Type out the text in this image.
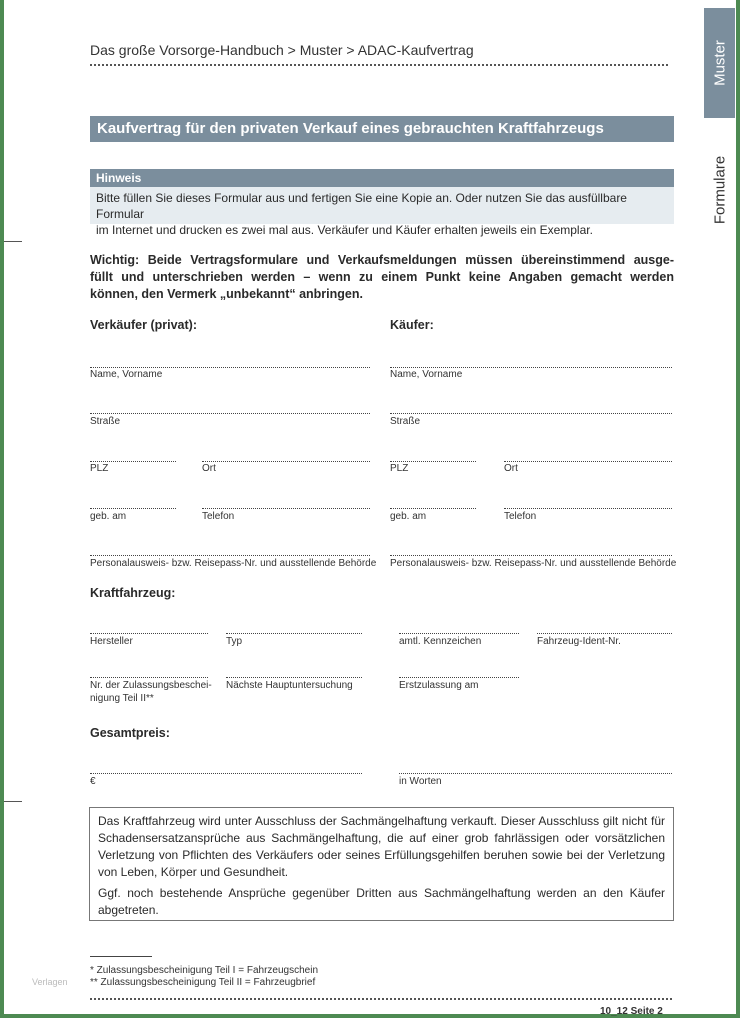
Muster
Formulare
Das große Vorsorge-Handbuch > Muster > ADAC-Kaufvertrag
Kaufvertrag für den privaten Verkauf eines gebrauchten Kraftfahrzeugs
Hinweis
Bitte füllen Sie dieses Formular aus und fertigen Sie eine Kopie an. Oder nutzen Sie das ausfüllbare Formular
im Internet und drucken es zwei mal aus. Verkäufer und Käufer erhalten jeweils ein Exemplar.
Wichtig: Beide Vertragsformulare und Verkaufsmeldungen müssen übereinstimmend ausge-
füllt und unterschrieben werden – wenn zu einem Punkt keine Angaben gemacht werden
können, den Vermerk „unbekannt“ anbringen.
Verkäufer (privat):	Käufer:
Name, Vorname	Name, Vorname
Straße	Straße
PLZ	Ort	PLZ	Ort
geb. am	Telefon	geb. am	Telefon
Personalausweis- bzw. Reisepass-Nr. und ausstellende Behörde Personalausweis- bzw. Reisepass-Nr. und ausstellende Behörde
Kraftfahrzeug:
Hersteller	Typ	amtl. Kennzeichen	Fahrzeug-Ident-Nr.
Nr. der Zulassungsbeschei-
nigung Teil II**
Nächste Hauptuntersuchung	Erstzulassung am
Gesamtpreis:
€	in Worten

Das Kraftfahrzeug wird unter Ausschluss der Sachmängelhaftung verkauft. Dieser Ausschluss gilt nicht für Schadensersatzansprüche aus Sachmängelhaftung, die auf einer grob fahrlässigen oder vorsätzlichen Verletzung von Pflichten des Verkäufers oder seines Erfüllungsgehilfen beruhen sowie bei der Verletzung von Leben, Körper und Gesundheit.

Ggf. noch bestehende Ansprüche gegenüber Dritten aus Sachmängelhaftung werden an den Käufer abgetreten.

* Zulassungsbescheinigung Teil I = Fahrzeugschein
** Zulassungsbescheinigung Teil II = Fahrzeugbrief
Verlagen
10_12 Seite 2
